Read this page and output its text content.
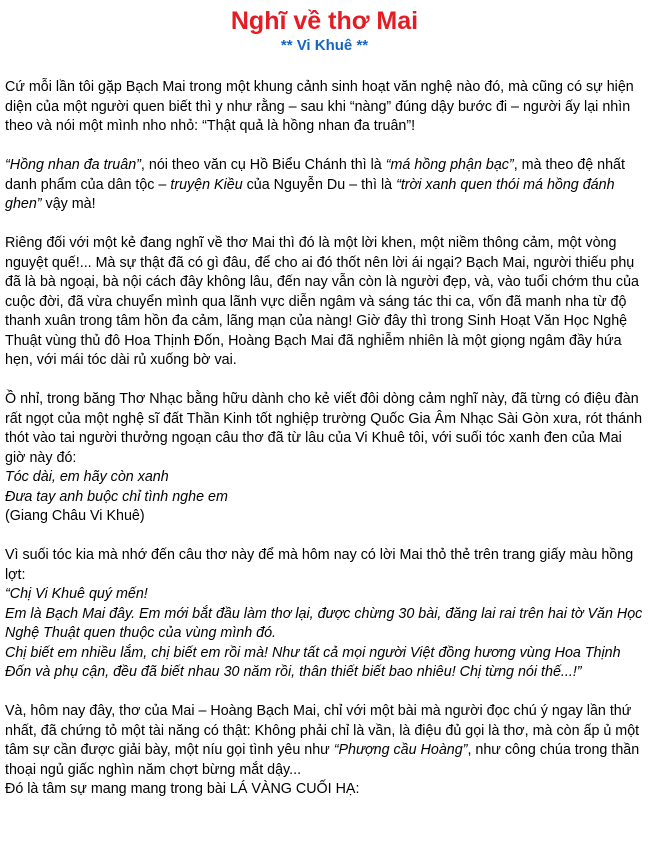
Nghĩ về thơ Mai
** Vi Khuê **

Cứ mỗi lần tôi gặp Bạch Mai trong một khung cảnh sinh hoạt văn nghệ nào đó, mà cũng có sự hiện diện của một người quen biết thì y như rằng – sau khi “nàng” đúng dậy bước đi – người ấy lại nhìn theo và nói một mình nho nhỏ: “Thật quả là hồng nhan đa truân”!

“Hồng nhan đa truân”, nói theo văn cụ Hồ Biểu Chánh thì là “má hồng phận bạc”, mà theo đệ nhất danh phẩm của dân tộc – truyện Kiều của Nguyễn Du – thì là “trời xanh quen thói má hồng đánh ghen” vậy mà!

Riêng đối với một kẻ đang nghĩ về thơ Mai thì đó là một lời khen, một niềm thông cảm, một vòng nguyệt quế!... Mà sự thật đã có gì đâu, để cho ai đó thốt nên lời ái ngại? Bạch Mai, người thiếu phụ đã là bà ngoại, bà nội cách đây không lâu, đến nay vẫn còn là người đẹp, và, vào tuổi chớm thu của cuộc đời, đã vừa chuyển mình qua lãnh vực diễn ngâm và sáng tác thi ca, vốn đã manh nha từ độ thanh xuân trong tâm hồn đa cảm, lãng mạn của nàng! Giờ đây thì trong Sinh Hoạt Văn Học Nghệ Thuật vùng thủ đô Hoa Thịnh Đốn, Hoàng Bạch Mai đã nghiễm nhiên là một giọng ngâm đầy hứa hẹn, với mái tóc dài rủ xuống bờ vai.

Ồ nhỉ, trong băng Thơ Nhạc bằng hữu dành cho kẻ viết đôi dòng cảm nghĩ này, đã từng có điệu đàn rất ngọt của một nghệ sĩ đất Thần Kinh tốt nghiệp trường Quốc Gia Âm Nhạc Sài Gòn xưa, rót thánh thót vào tai người thưởng ngoạn câu thơ đã từ lâu của Vi Khuê tôi, với suối tóc xanh đen của Mai giờ này đó:
Tóc dài, em hãy còn xanh
Đưa tay anh buộc chỉ tình nghe em
(Giang Châu Vi Khuê)

Vì suối tóc kia mà nhớ đến câu thơ này để mà hôm nay có lời Mai thỏ thẻ trên trang giấy màu hồng lợt:
“Chị Vi Khuê quý mến!
Em là Bạch Mai đây. Em mới bắt đầu làm thơ lại, được chừng 30 bài, đăng lai rai trên hai tờ Văn Học Nghệ Thuật quen thuộc của vùng mình đó.
Chị biết em nhiều lắm, chị biết em rồi mà! Như tất cả mọi người Việt đồng hương vùng Hoa Thịnh Đốn và phụ cận, đều đã biết nhau 30 năm rồi, thân thiết biết bao nhiêu! Chị từng nói thế...!”

Và, hôm nay đây, thơ của Mai – Hoàng Bạch Mai, chỉ với một bài mà người đọc chú ý ngay lần thứ nhất, đã chứng tỏ một tài năng có thật: Không phải chỉ là vần, là điệu đủ gọi là thơ, mà còn ấp ủ một tâm sự cần được giải bày, một níu gọi tình yêu như “Phượng cầu Hoàng”, như công chúa trong thần thoại ngủ giấc nghìn năm chợt bừng mắt dậy...
Đó là tâm sự mang mang trong bài LÁ VÀNG CUỐI HẠ:
